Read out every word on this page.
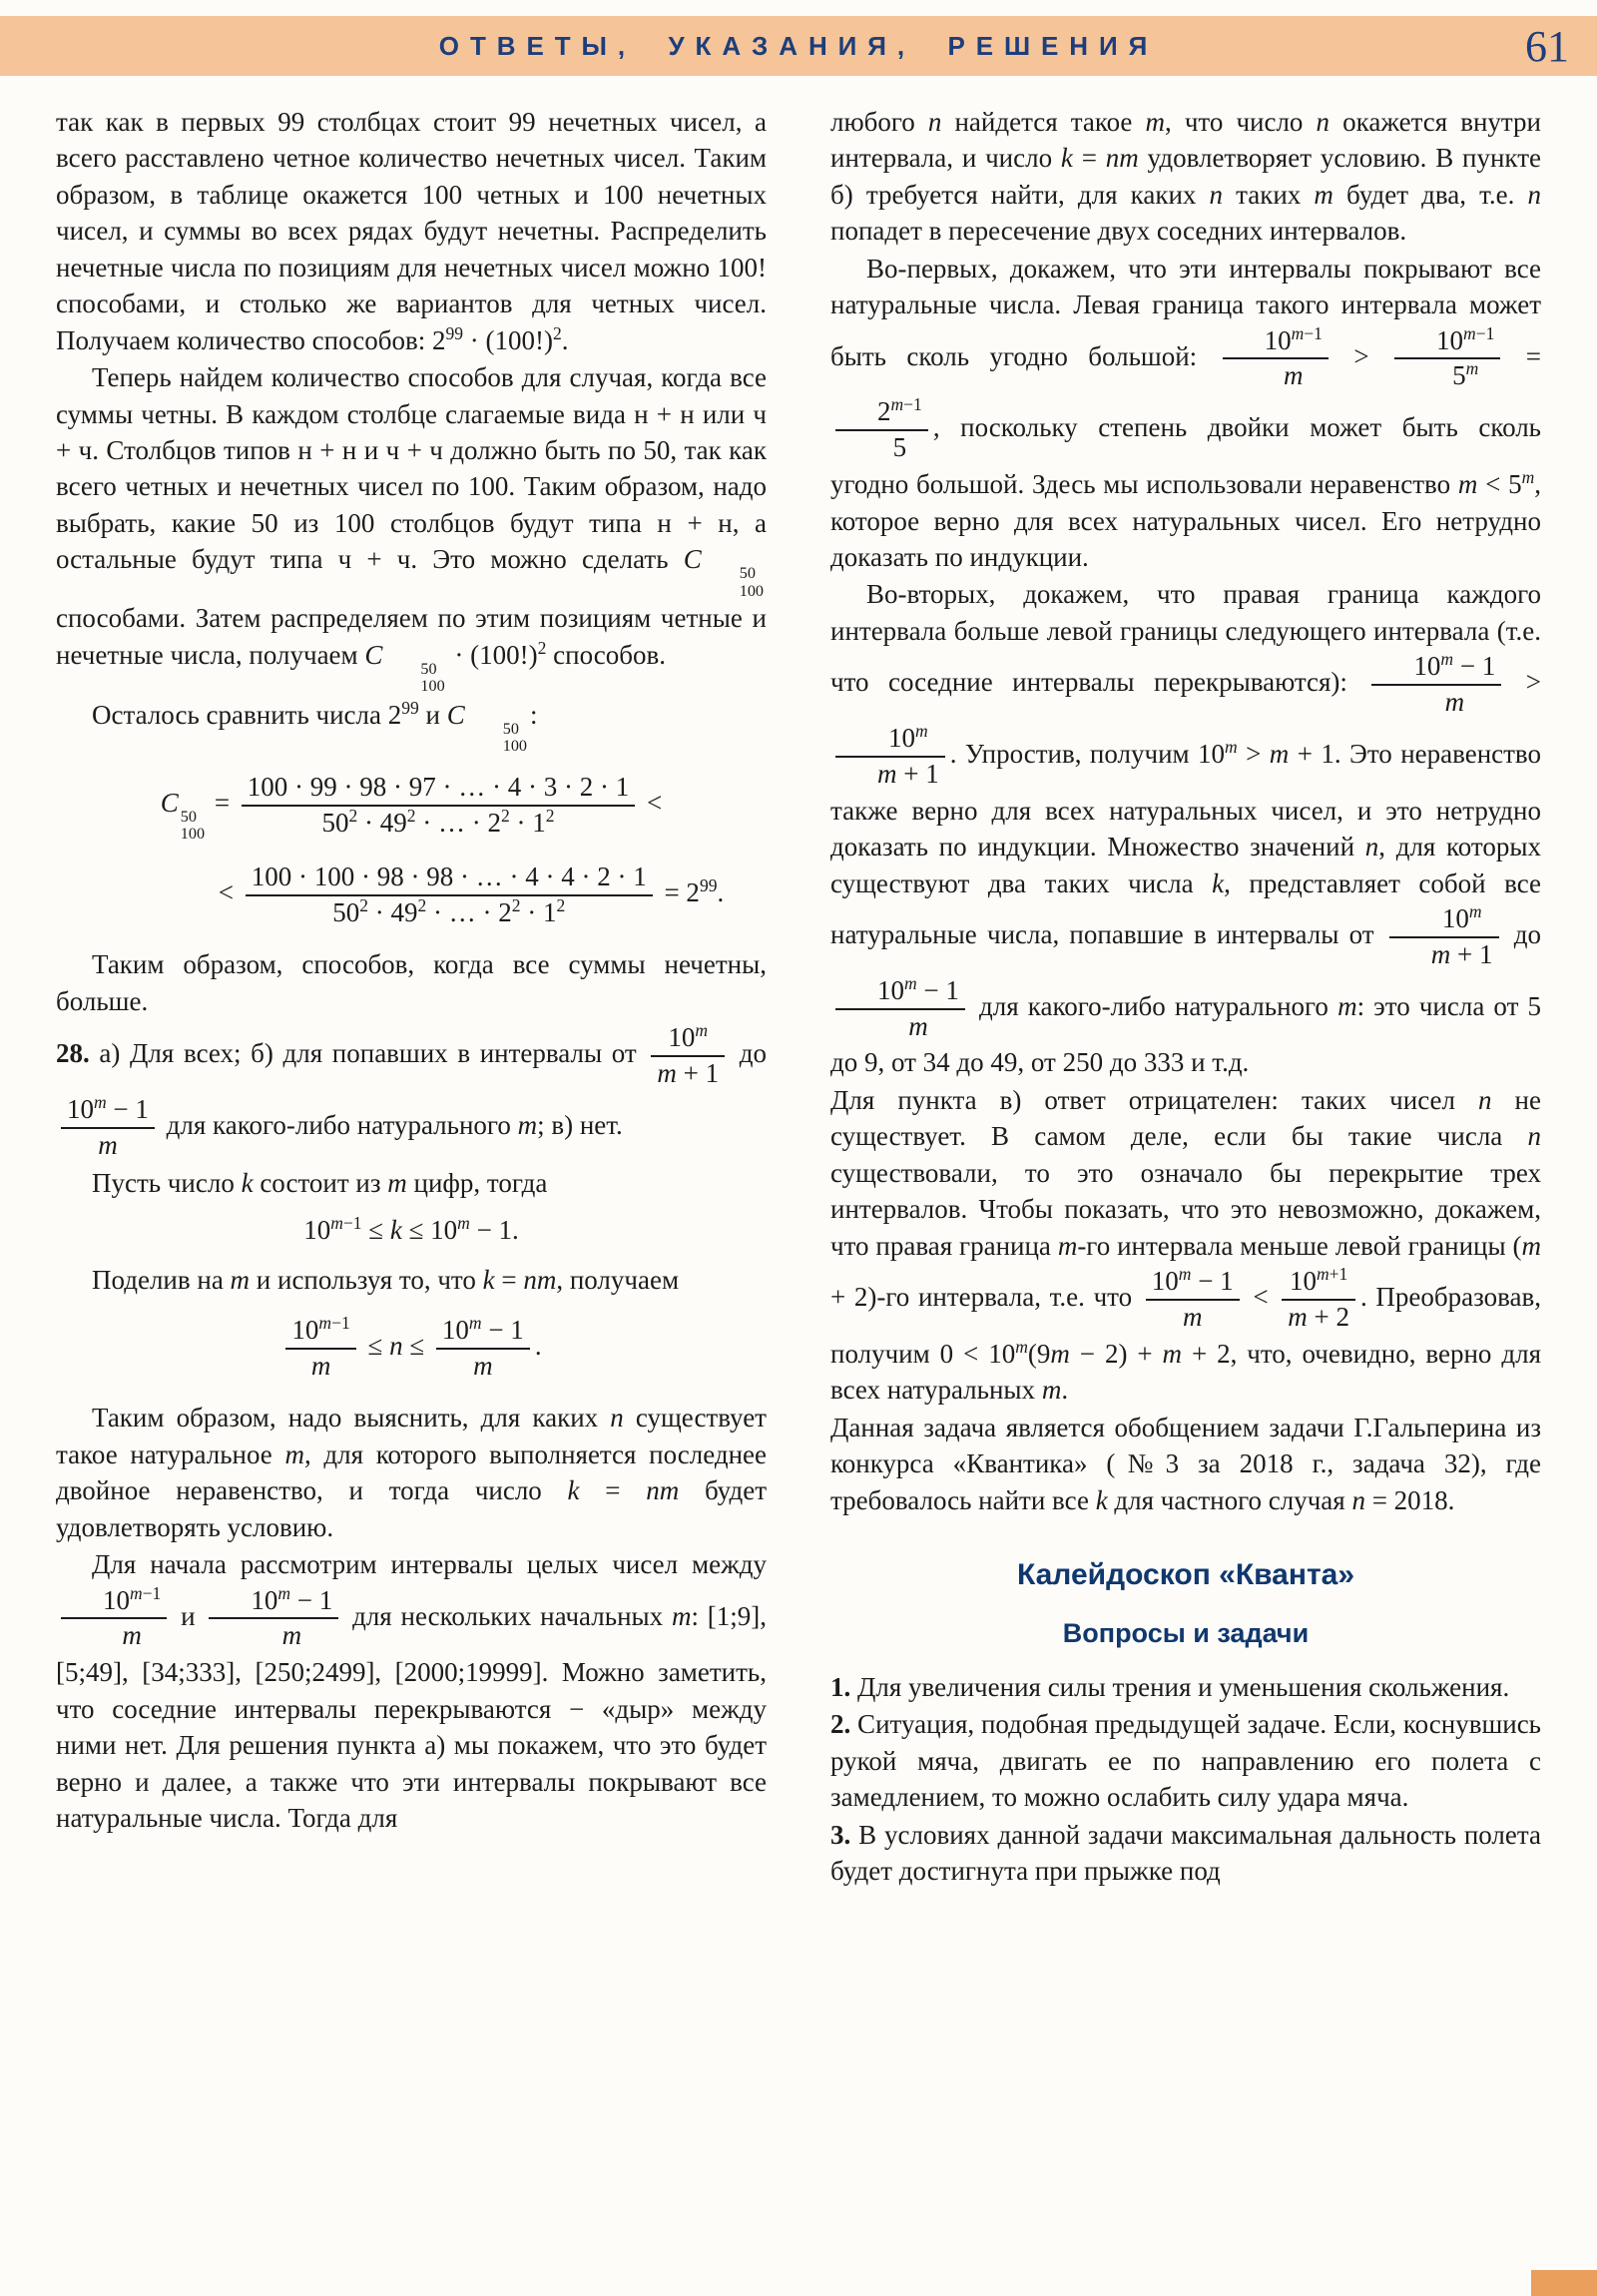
ОТВЕТЫ, УКАЗАНИЯ, РЕШЕНИЯ	61

так как в первых 99 столбцах стоит 99 нечетных чисел, а всего расставлено четное количество нечетных чисел. Таким образом, в таблице окажется 100 четных и 100 нечетных чисел, и суммы во всех рядах будут нечетны. Распределить нечетные числа по позициям для нечетных чисел можно 100! способами, и столько же вариантов для четных чисел. Получаем количество способов: $2^{99} \cdot (100!)^2$.

Теперь найдем количество способов для случая, когда все суммы четны. В каждом столбце слагаемые вида н + н или ч + ч. Столбцов типов н + н и ч + ч должно быть по 50, так как всего четных и нечетных чисел по 100. Таким образом, надо выбрать, какие 50 из 100 столбцов будут типа н + н, а остальные будут типа ч + ч. Это можно сделать C	50
100
способами. Затем распределяем по этим позициям четные и нечетные числа, получаем C	50
100
· $(100!)^2$ способов.

Осталось сравнить числа $2^{99}$ и C	50
100
:

C 50
100
= $\frac{100 \cdot 99 \cdot 98 \cdot 97 \cdot \dots \cdot 4 \cdot 3 \cdot 2 \cdot 1}{50^2 \cdot 49^2 \cdot \dots \cdot 2^2 \cdot 1^2}$ <
< $\frac{100 \cdot 100 \cdot 98 \cdot 98 \cdot \dots \cdot 4 \cdot 4 \cdot 2 \cdot 1}{50^2 \cdot 49^2 \cdot \dots \cdot 2^2 \cdot 1^2} = 2^{99}$.

Таким образом, способов, когда все суммы нечетны, больше.

28. а) Для всех; б) для попавших в интервалы от $\frac{10^m}{m + 1}$ до
$\frac{10^m - 1}{m}$ для какого-либо натурального m; в) нет.

Пусть число k состоит из m цифр, тогда

$10^{m-1} \le k \le 10^m - 1$.

Поделив на m и используя то, что k = nm, получаем

$\frac{10^{m-1}}{m} \le n \le \frac{10^m - 1}{m}$ .

Таким образом, надо выяснить, для каких n существует такое натуральное m, для которого выполняется последнее двойное неравенство, и тогда число k = nm будет удовлетворять условию.

Для начала рассмотрим интервалы целых чисел между
$\frac{10^{m-1}}{m}$ и $\frac{10^m - 1}{m}$ для нескольких начальных m: [1;9], [5;49], [34;333], [250;2499], [2000;19999]. Можно заметить, что соседние интервалы перекрываются − «дыр» между ними нет. Для решения пункта а) мы покажем, что это будет верно и далее, а также что эти интервалы покрывают все натуральные числа. Тогда для

любого n найдется такое m, что число n окажется внутри интервала, и число k = nm удовлетворяет условию. В пункте б) требуется найти, для каких n таких m будет два, т.е. n попадет в пересечение двух соседних интервалов.

Во-первых, докажем, что эти интервалы покрывают все натуральные числа. Левая граница такого интервала может быть сколь угодно большой: $\frac{10^{m-1}}{m} > \frac{10^{m-1}}{5^m}$ =
$\frac{2^{m-1}}{5}$ , поскольку степень двойки может быть сколь угодно большой. Здесь мы использовали неравенство $m < 5^m$, которое верно для всех натуральных чисел. Его нетрудно доказать по индукции.

Во-вторых, докажем, что правая граница каждого интервала больше левой границы следующего интервала (т.е. что соседние интервалы перекрываются): $\frac{10^m - 1}{m}$ >
$\frac{10^m}{m + 1}$ . Упростив, получим $10^m > m + 1$. Это неравенство также верно для всех натуральных чисел, и это нетрудно доказать по индукции. Множество значений n, для которых существуют два таких числа k, представляет собой все натуральные числа, попавшие в интервалы от $\frac{10^m}{m + 1}$ до
$\frac{10^m - 1}{m}$ для какого-либо натурального m: это числа от 5 до 9, от 34 до 49, от 250 до 333 и т.д.

Для пункта в) ответ отрицателен: таких чисел n не существует. В самом деле, если бы такие числа n существовали, то это означало бы перекрытие трех интервалов. Чтобы показать, что это невозможно, докажем, что правая граница m-го интервала меньше левой границы (m + 2)-го интервала, т.е. что $\frac{10^m - 1}{m} < \frac{10^{m+1}}{m + 2}$ . Преобразовав, получим $0 < 10^m(9m - 2) + m + 2$, что, очевидно, верно для всех натуральных m.

Данная задача является обобщением задачи Г.Гальперина из конкурса «Квантика» (№3 за 2018 г., задача 32), где требовалось найти все k для частного случая n = 2018.

Калейдоскоп «Кванта»
Вопросы и задачи

1. Для увеличения силы трения и уменьшения скольжения.

2. Ситуация, подобная предыдущей задаче. Если, коснувшись рукой мяча, двигать ее по направлению его полета с замедлением, то можно ослабить силу удара мяча.

3. В условиях данной задачи максимальная дальность полета будет достигнута при прыжке под
